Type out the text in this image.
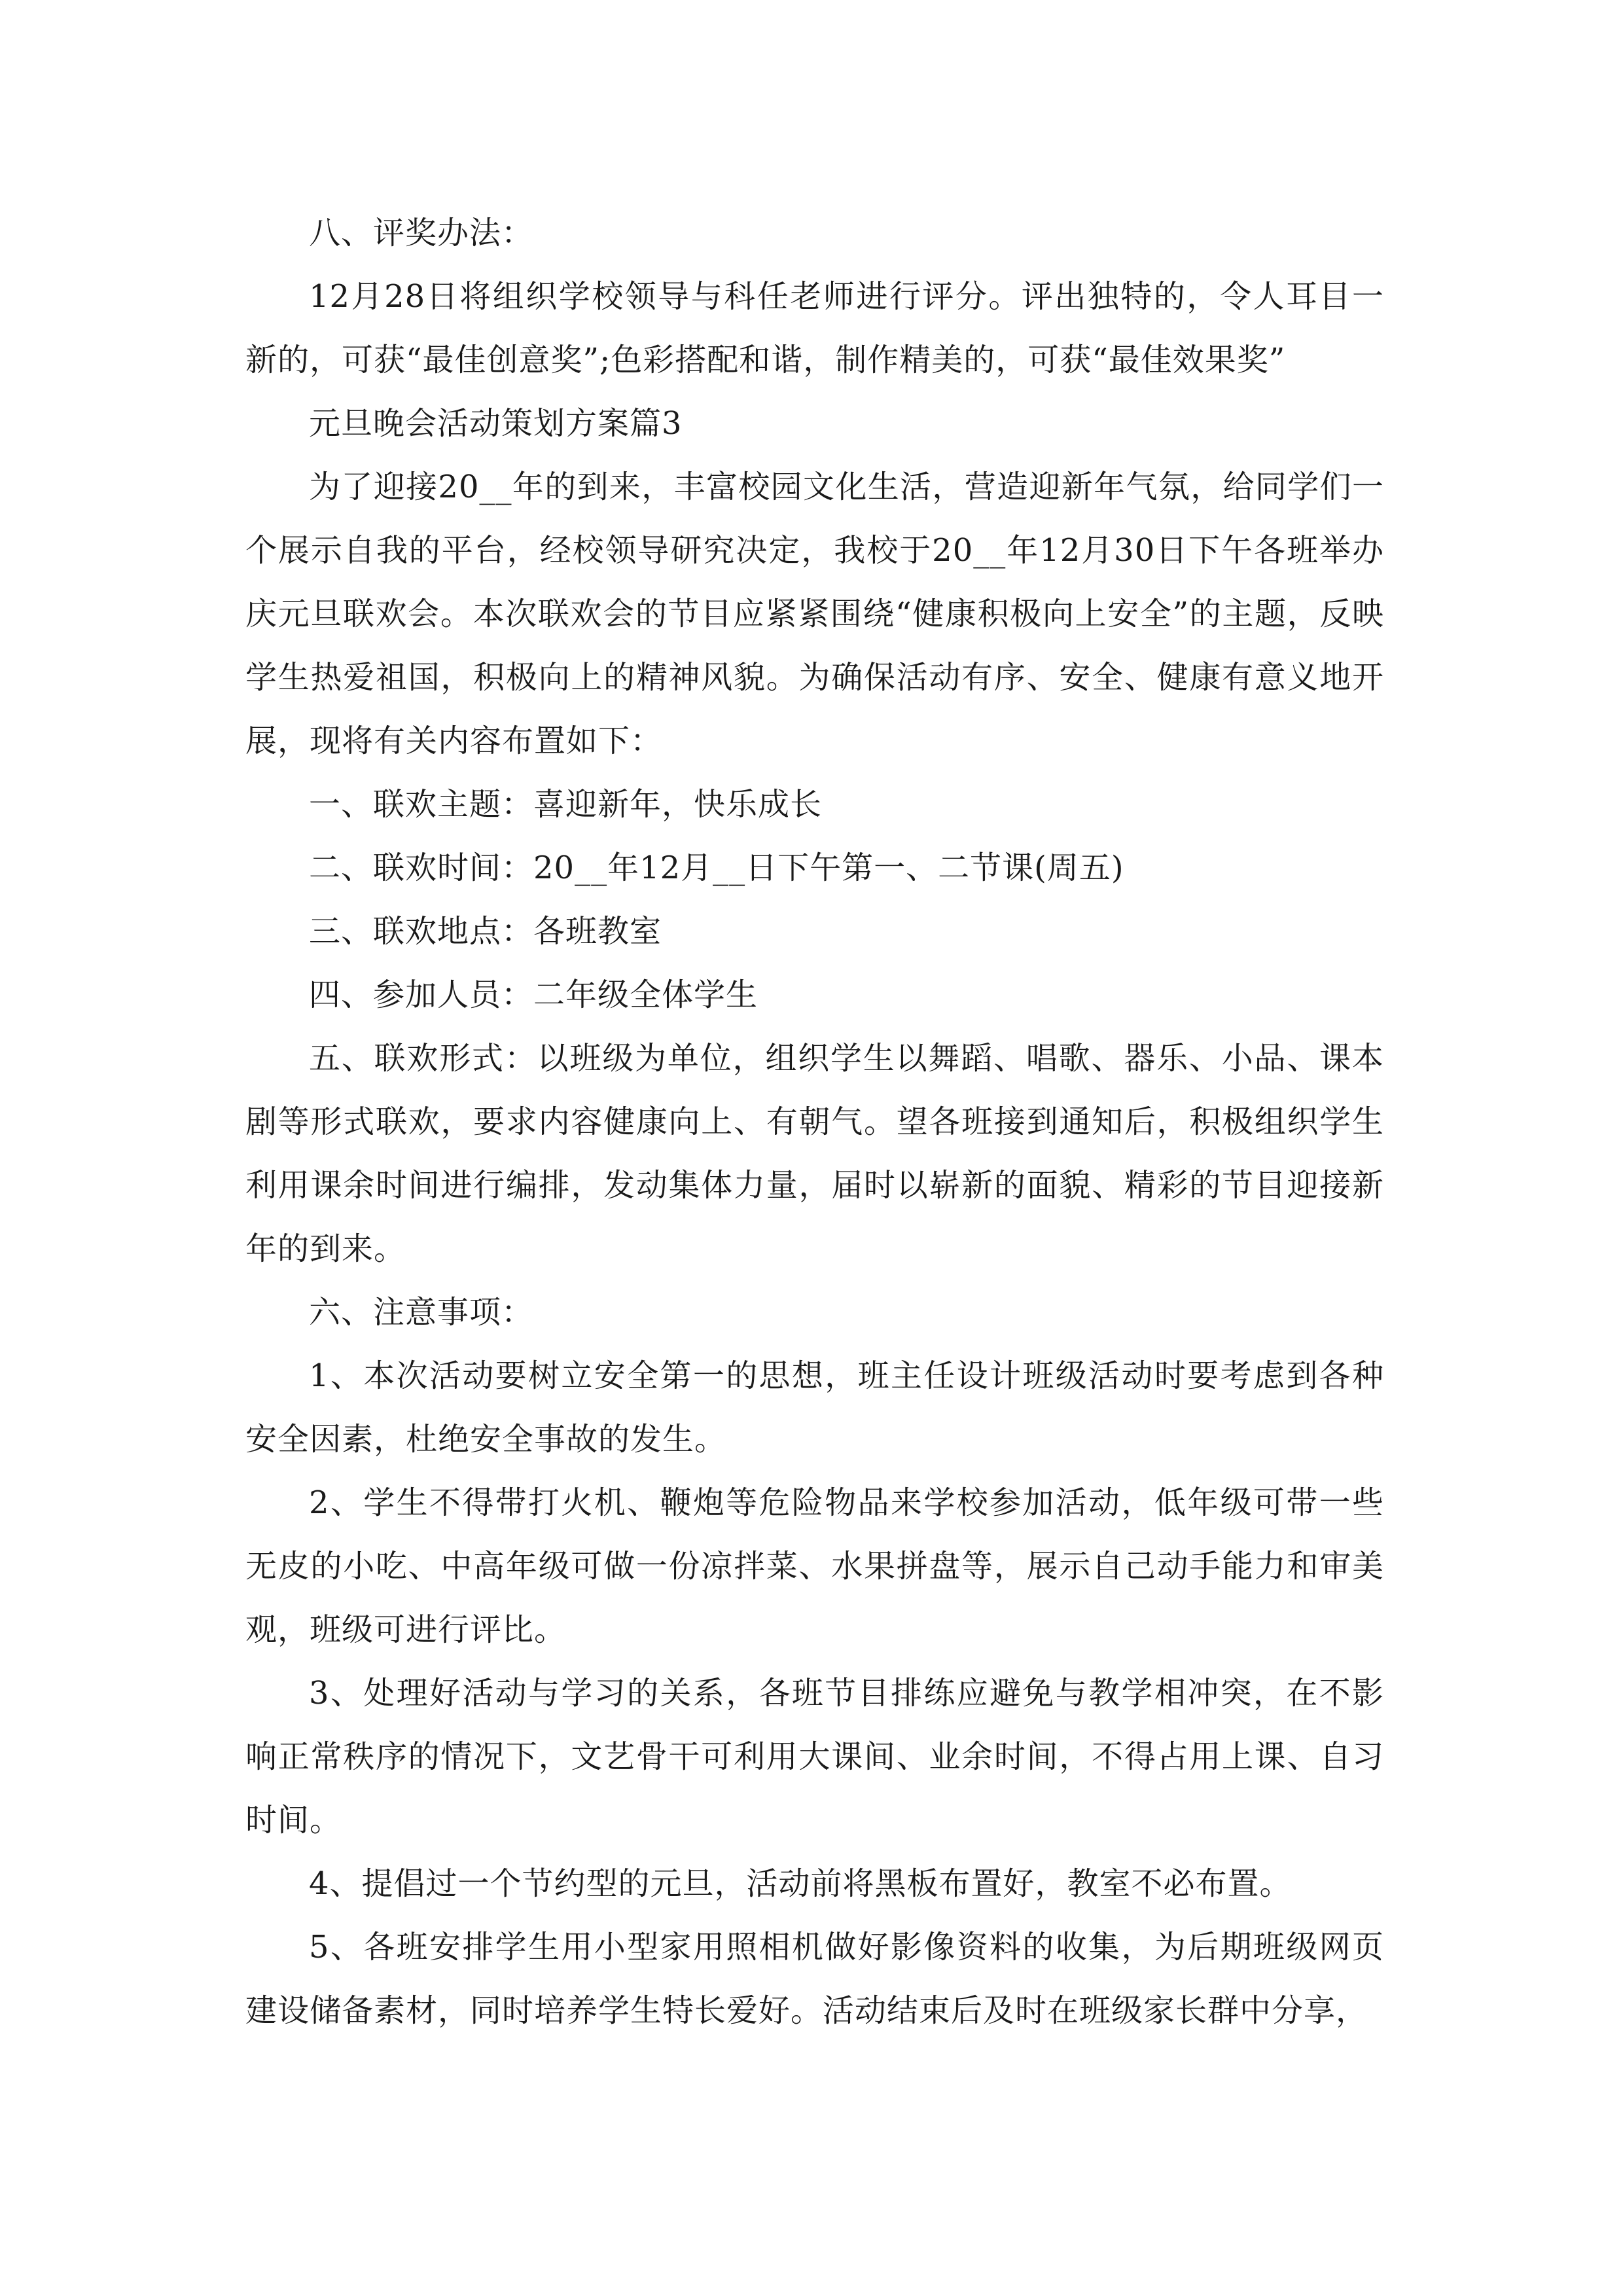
八、评奖办法：

12月28日将组织学校领导与科任老师进行评分。评出独特的，令人耳目一新的，可获“最佳创意奖”;色彩搭配和谐，制作精美的，可获“最佳效果奖”

元旦晚会活动策划方案篇3

为了迎接20__年的到来，丰富校园文化生活，营造迎新年气氛，给同学们一个展示自我的平台，经校领导研究决定，我校于20__年12月30日下午各班举办庆元旦联欢会。本次联欢会的节目应紧紧围绕“健康积极向上安全”的主题，反映学生热爱祖国，积极向上的精神风貌。为确保活动有序、安全、健康有意义地开展，现将有关内容布置如下：

一、联欢主题：喜迎新年，快乐成长

二、联欢时间：20__年12月__日下午第一、二节课(周五)

三、联欢地点：各班教室

四、参加人员：二年级全体学生

五、联欢形式：以班级为单位，组织学生以舞蹈、唱歌、器乐、小品、课本剧等形式联欢，要求内容健康向上、有朝气。望各班接到通知后，积极组织学生利用课余时间进行编排，发动集体力量，届时以崭新的面貌、精彩的节目迎接新年的到来。

六、注意事项：

1、本次活动要树立安全第一的思想，班主任设计班级活动时要考虑到各种安全因素，杜绝安全事故的发生。

2、学生不得带打火机、鞭炮等危险物品来学校参加活动，低年级可带一些无皮的小吃、中高年级可做一份凉拌菜、水果拼盘等，展示自己动手能力和审美观，班级可进行评比。

3、处理好活动与学习的关系，各班节目排练应避免与教学相冲突，在不影响正常秩序的情况下，文艺骨干可利用大课间、业余时间，不得占用上课、自习时间。

4、提倡过一个节约型的元旦，活动前将黑板布置好，教室不必布置。

5、各班安排学生用小型家用照相机做好影像资料的收集，为后期班级网页建设储备素材，同时培养学生特长爱好。活动结束后及时在班级家长群中分享，
